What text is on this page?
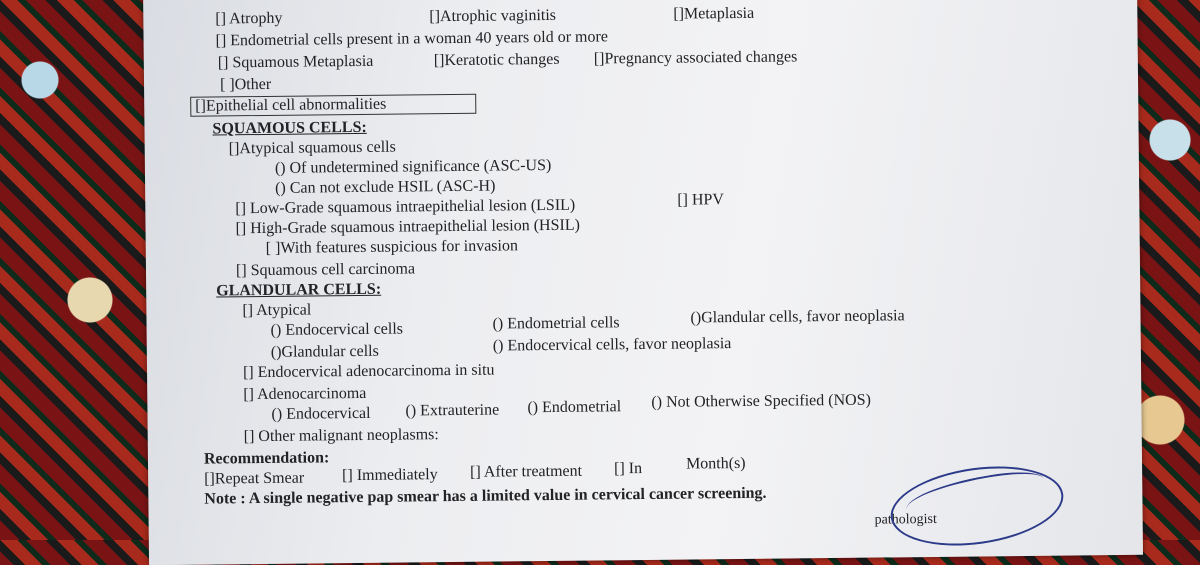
[] Atrophy	[]Atrophic vaginitis	[]Metaplasia
[] Endometrial cells present in a woman 40 years old or more
[] Squamous Metaplasia	[]Keratotic changes []Pregnancy associated changes
[ ]Other
[]Epithelial cell abnormalities
SQUAMOUS CELLS:
[]Atypical squamous cells
() Of undetermined significance (ASC-US)
() Can not exclude HSIL (ASC-H)
[] Low-Grade squamous intraepithelial lesion (LSIL)	[] HPV
[] High-Grade squamous intraepithelial lesion (HSIL)
[ ]With features suspicious for invasion
[] Squamous cell carcinoma
GLANDULAR CELLS:
[] Atypical
() Endocervical cells	() Endometrial cells	()Glandular cells, favor neoplasia
()Glandular cells	() Endocervical cells, favor neoplasia
[] Endocervical adenocarcinoma in situ
[] Adenocarcinoma
() Endocervical () Extrauterine () Endometrial () Not Otherwise Specified (NOS)
[] Other malignant neoplasms:
Recommendation:
[]Repeat Smear [] Immediately [] After treatment [] In	Month(s)
Note : A single negative pap smear has a limited value in cervical cancer screening.
pathologist
